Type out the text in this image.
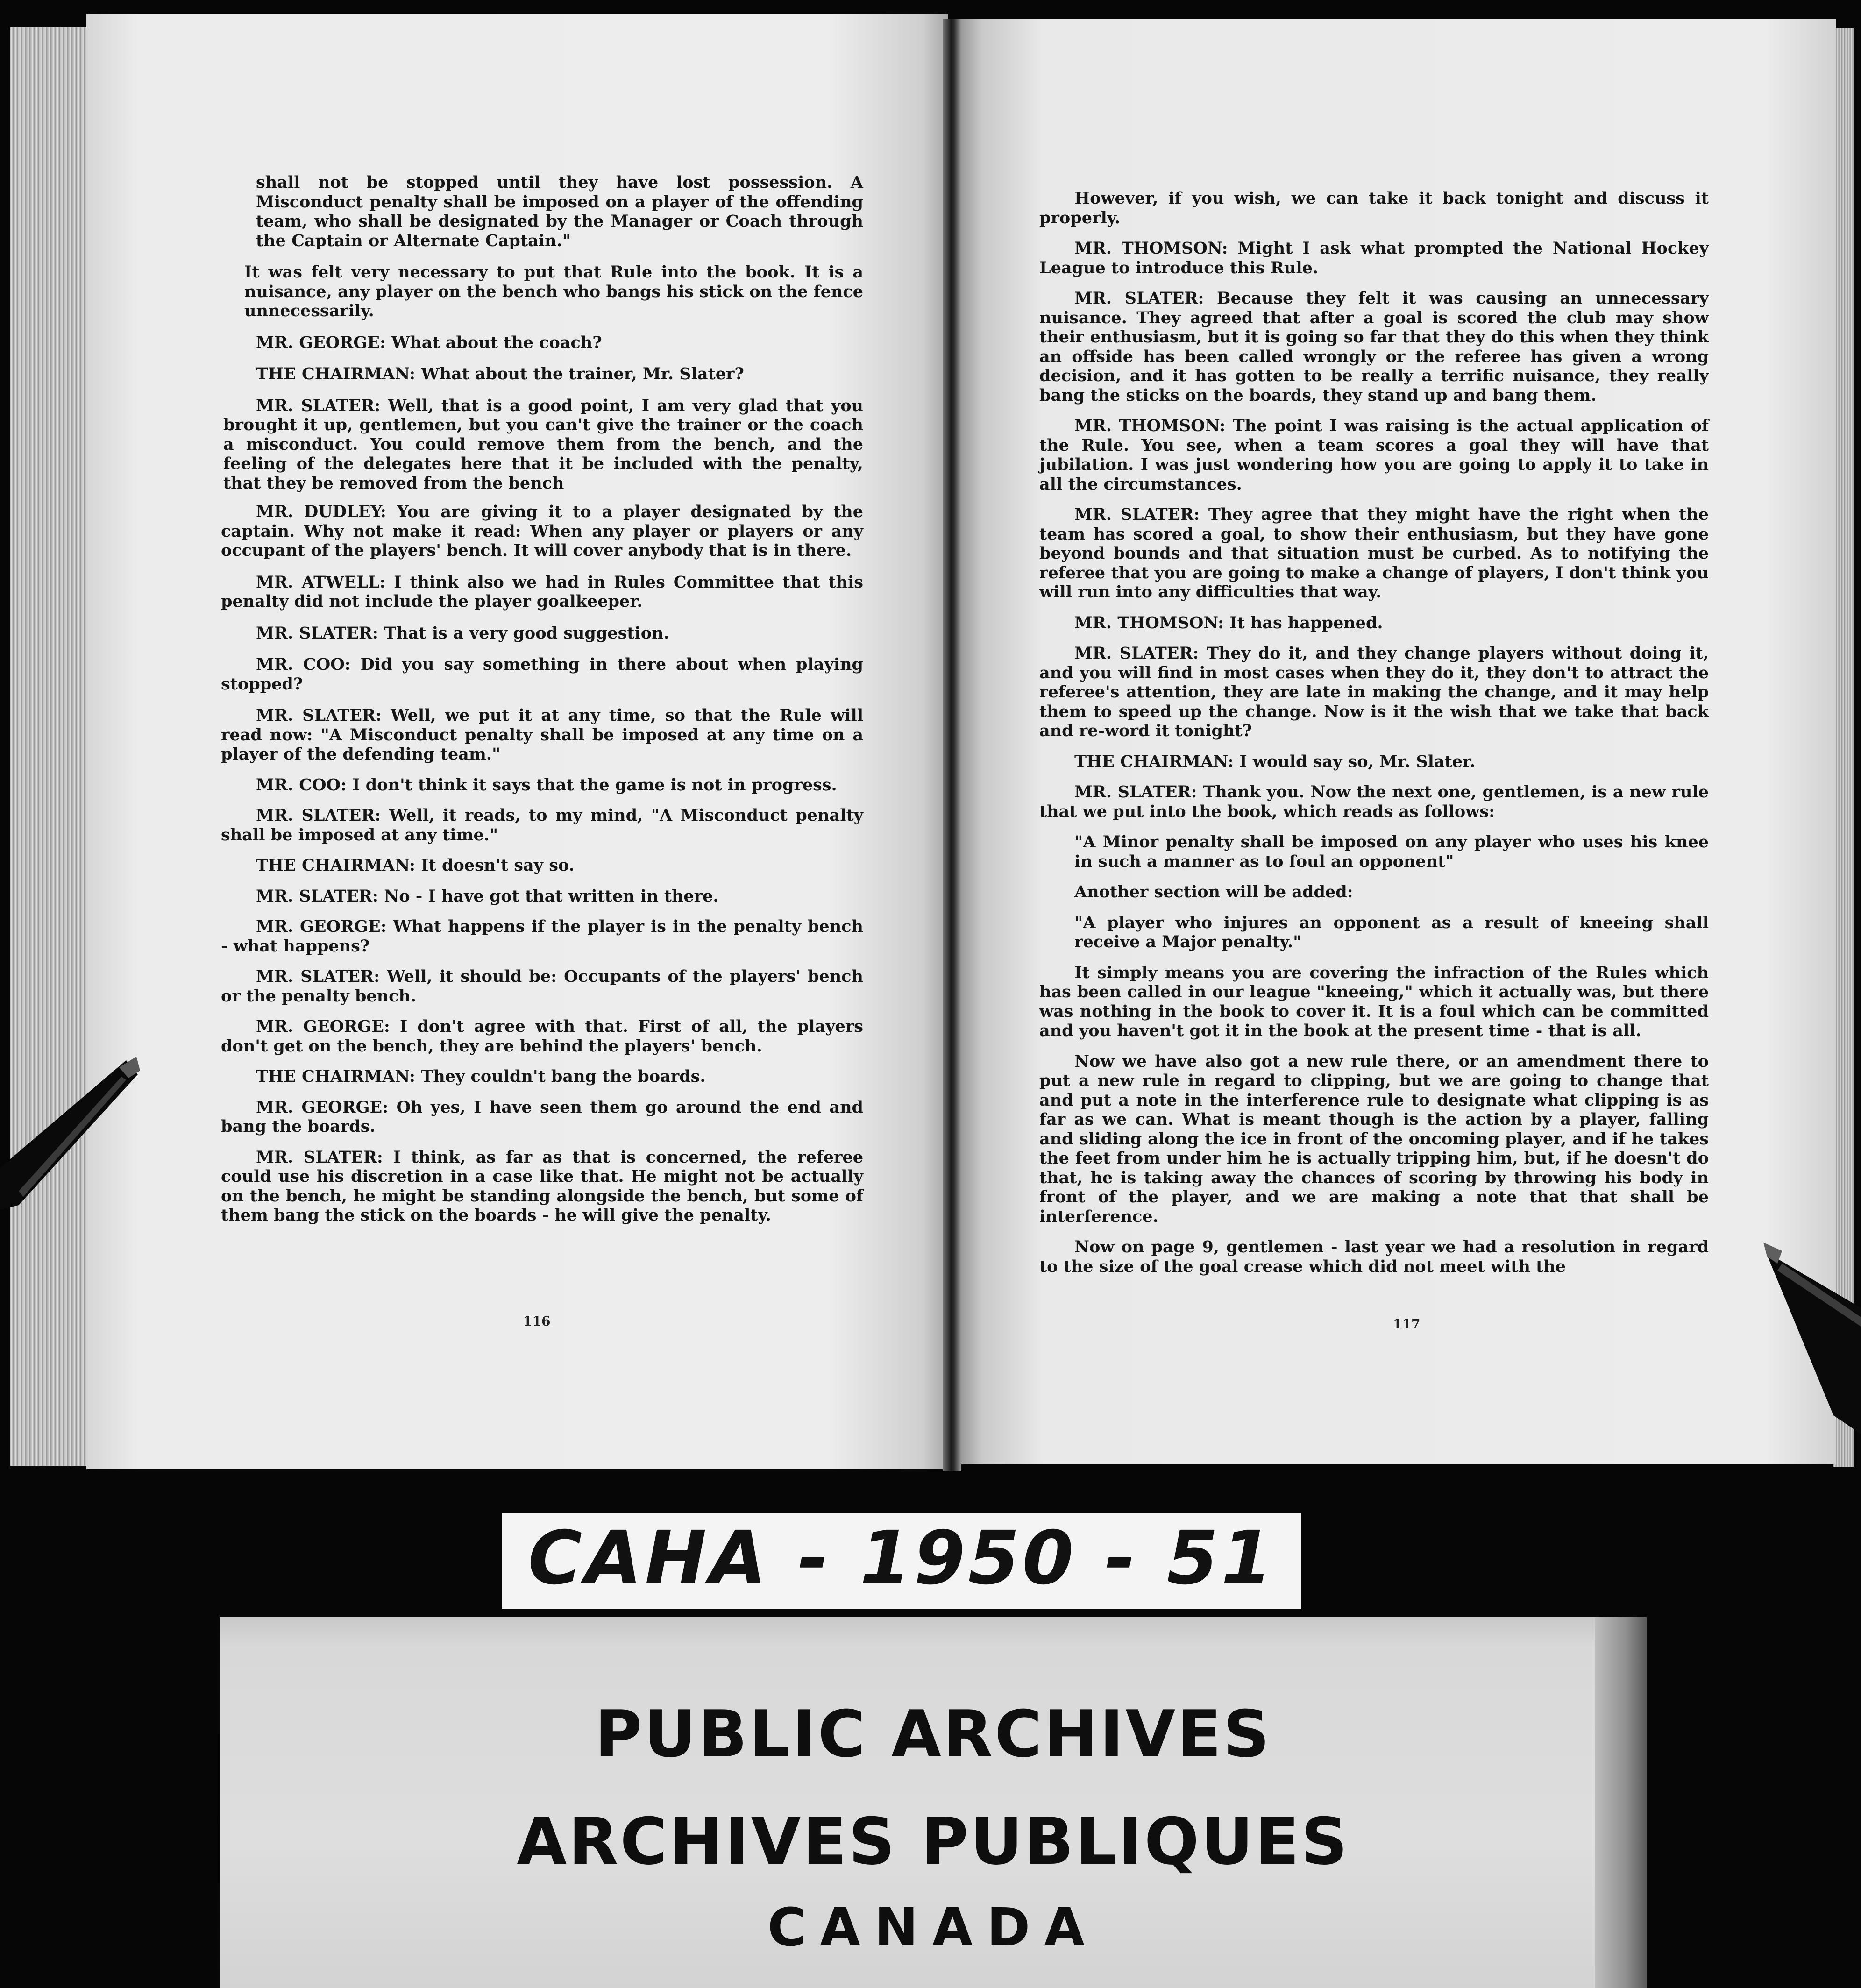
shall not be stopped until they have lost possession. A Misconduct penalty shall be imposed on a player of the offending team, who shall be designated by the Manager or Coach through the Captain or Alternate Captain."

It was felt very necessary to put that Rule into the book. It is a nuisance, any player on the bench who bangs his stick on the fence unnecessarily.

MR. GEORGE: What about the coach?

THE CHAIRMAN: What about the trainer, Mr. Slater?

MR. SLATER: Well, that is a good point, I am very glad that you brought it up, gentlemen, but you can't give the trainer or the coach a misconduct. You could remove them from the bench, and the feeling of the delegates here that it be included with the penalty, that they be removed from the bench

MR. DUDLEY: You are giving it to a player designated by the captain. Why not make it read: When any player or players or any occupant of the players' bench. It will cover anybody that is in there.

MR. ATWELL: I think also we had in Rules Committee that this penalty did not include the player goalkeeper.

MR. SLATER: That is a very good suggestion.

MR. COO: Did you say something in there about when playing stopped?

MR. SLATER: Well, we put it at any time, so that the Rule will read now: "A Misconduct penalty shall be imposed at any time on a player of the defending team."

MR. COO: I don't think it says that the game is not in progress.

MR. SLATER: Well, it reads, to my mind, "A Misconduct penalty shall be imposed at any time."

THE CHAIRMAN: It doesn't say so.

MR. SLATER: No - I have got that written in there.

MR. GEORGE: What happens if the player is in the penalty bench - what happens?

MR. SLATER: Well, it should be: Occupants of the players' bench or the penalty bench.

MR. GEORGE: I don't agree with that. First of all, the players don't get on the bench, they are behind the players' bench.

THE CHAIRMAN: They couldn't bang the boards.

MR. GEORGE: Oh yes, I have seen them go around the end and bang the boards.

MR. SLATER: I think, as far as that is concerned, the referee could use his discretion in a case like that. He might not be actually on the bench, he might be standing alongside the bench, but some of them bang the stick on the boards - he will give the penalty.

116

However, if you wish, we can take it back tonight and discuss it properly.

MR. THOMSON: Might I ask what prompted the National Hockey League to introduce this Rule.

MR. SLATER: Because they felt it was causing an unnecessary nuisance. They agreed that after a goal is scored the club may show their enthusiasm, but it is going so far that they do this when they think an offside has been called wrongly or the referee has given a wrong decision, and it has gotten to be really a terrific nuisance, they really bang the sticks on the boards, they stand up and bang them.

MR. THOMSON: The point I was raising is the actual application of the Rule. You see, when a team scores a goal they will have that jubilation. I was just wondering how you are going to apply it to take in all the circumstances.

MR. SLATER: They agree that they might have the right when the team has scored a goal, to show their enthusiasm, but they have gone beyond bounds and that situation must be curbed. As to notifying the referee that you are going to make a change of players, I don't think you will run into any difficulties that way.

MR. THOMSON: It has happened.

MR. SLATER: They do it, and they change players without doing it, and you will find in most cases when they do it, they don't to attract the referee's attention, they are late in making the change, and it may help them to speed up the change. Now is it the wish that we take that back and re-word it tonight?

THE CHAIRMAN: I would say so, Mr. Slater.

MR. SLATER: Thank you. Now the next one, gentlemen, is a new rule that we put into the book, which reads as follows:

"A Minor penalty shall be imposed on any player who uses his knee in such a manner as to foul an opponent"

Another section will be added:

"A player who injures an opponent as a result of kneeing shall receive a Major penalty."

It simply means you are covering the infraction of the Rules which has been called in our league "kneeing," which it actually was, but there was nothing in the book to cover it. It is a foul which can be committed and you haven't got it in the book at the present time - that is all.

Now we have also got a new rule there, or an amendment there to put a new rule in regard to clipping, but we are going to change that and put a note in the interference rule to designate what clipping is as far as we can. What is meant though is the action by a player, falling and sliding along the ice in front of the oncoming player, and if he takes the feet from under him he is actually tripping him, but, if he doesn't do that, he is taking away the chances of scoring by throwing his body in front of the player, and we are making a note that that shall be interference.

Now on page 9, gentlemen - last year we had a resolution in regard to the size of the goal crease which did not meet with the

117
CAHA - 1950 - 51
PUBLIC ARCHIVES
ARCHIVES PUBLIQUES
CANADA
